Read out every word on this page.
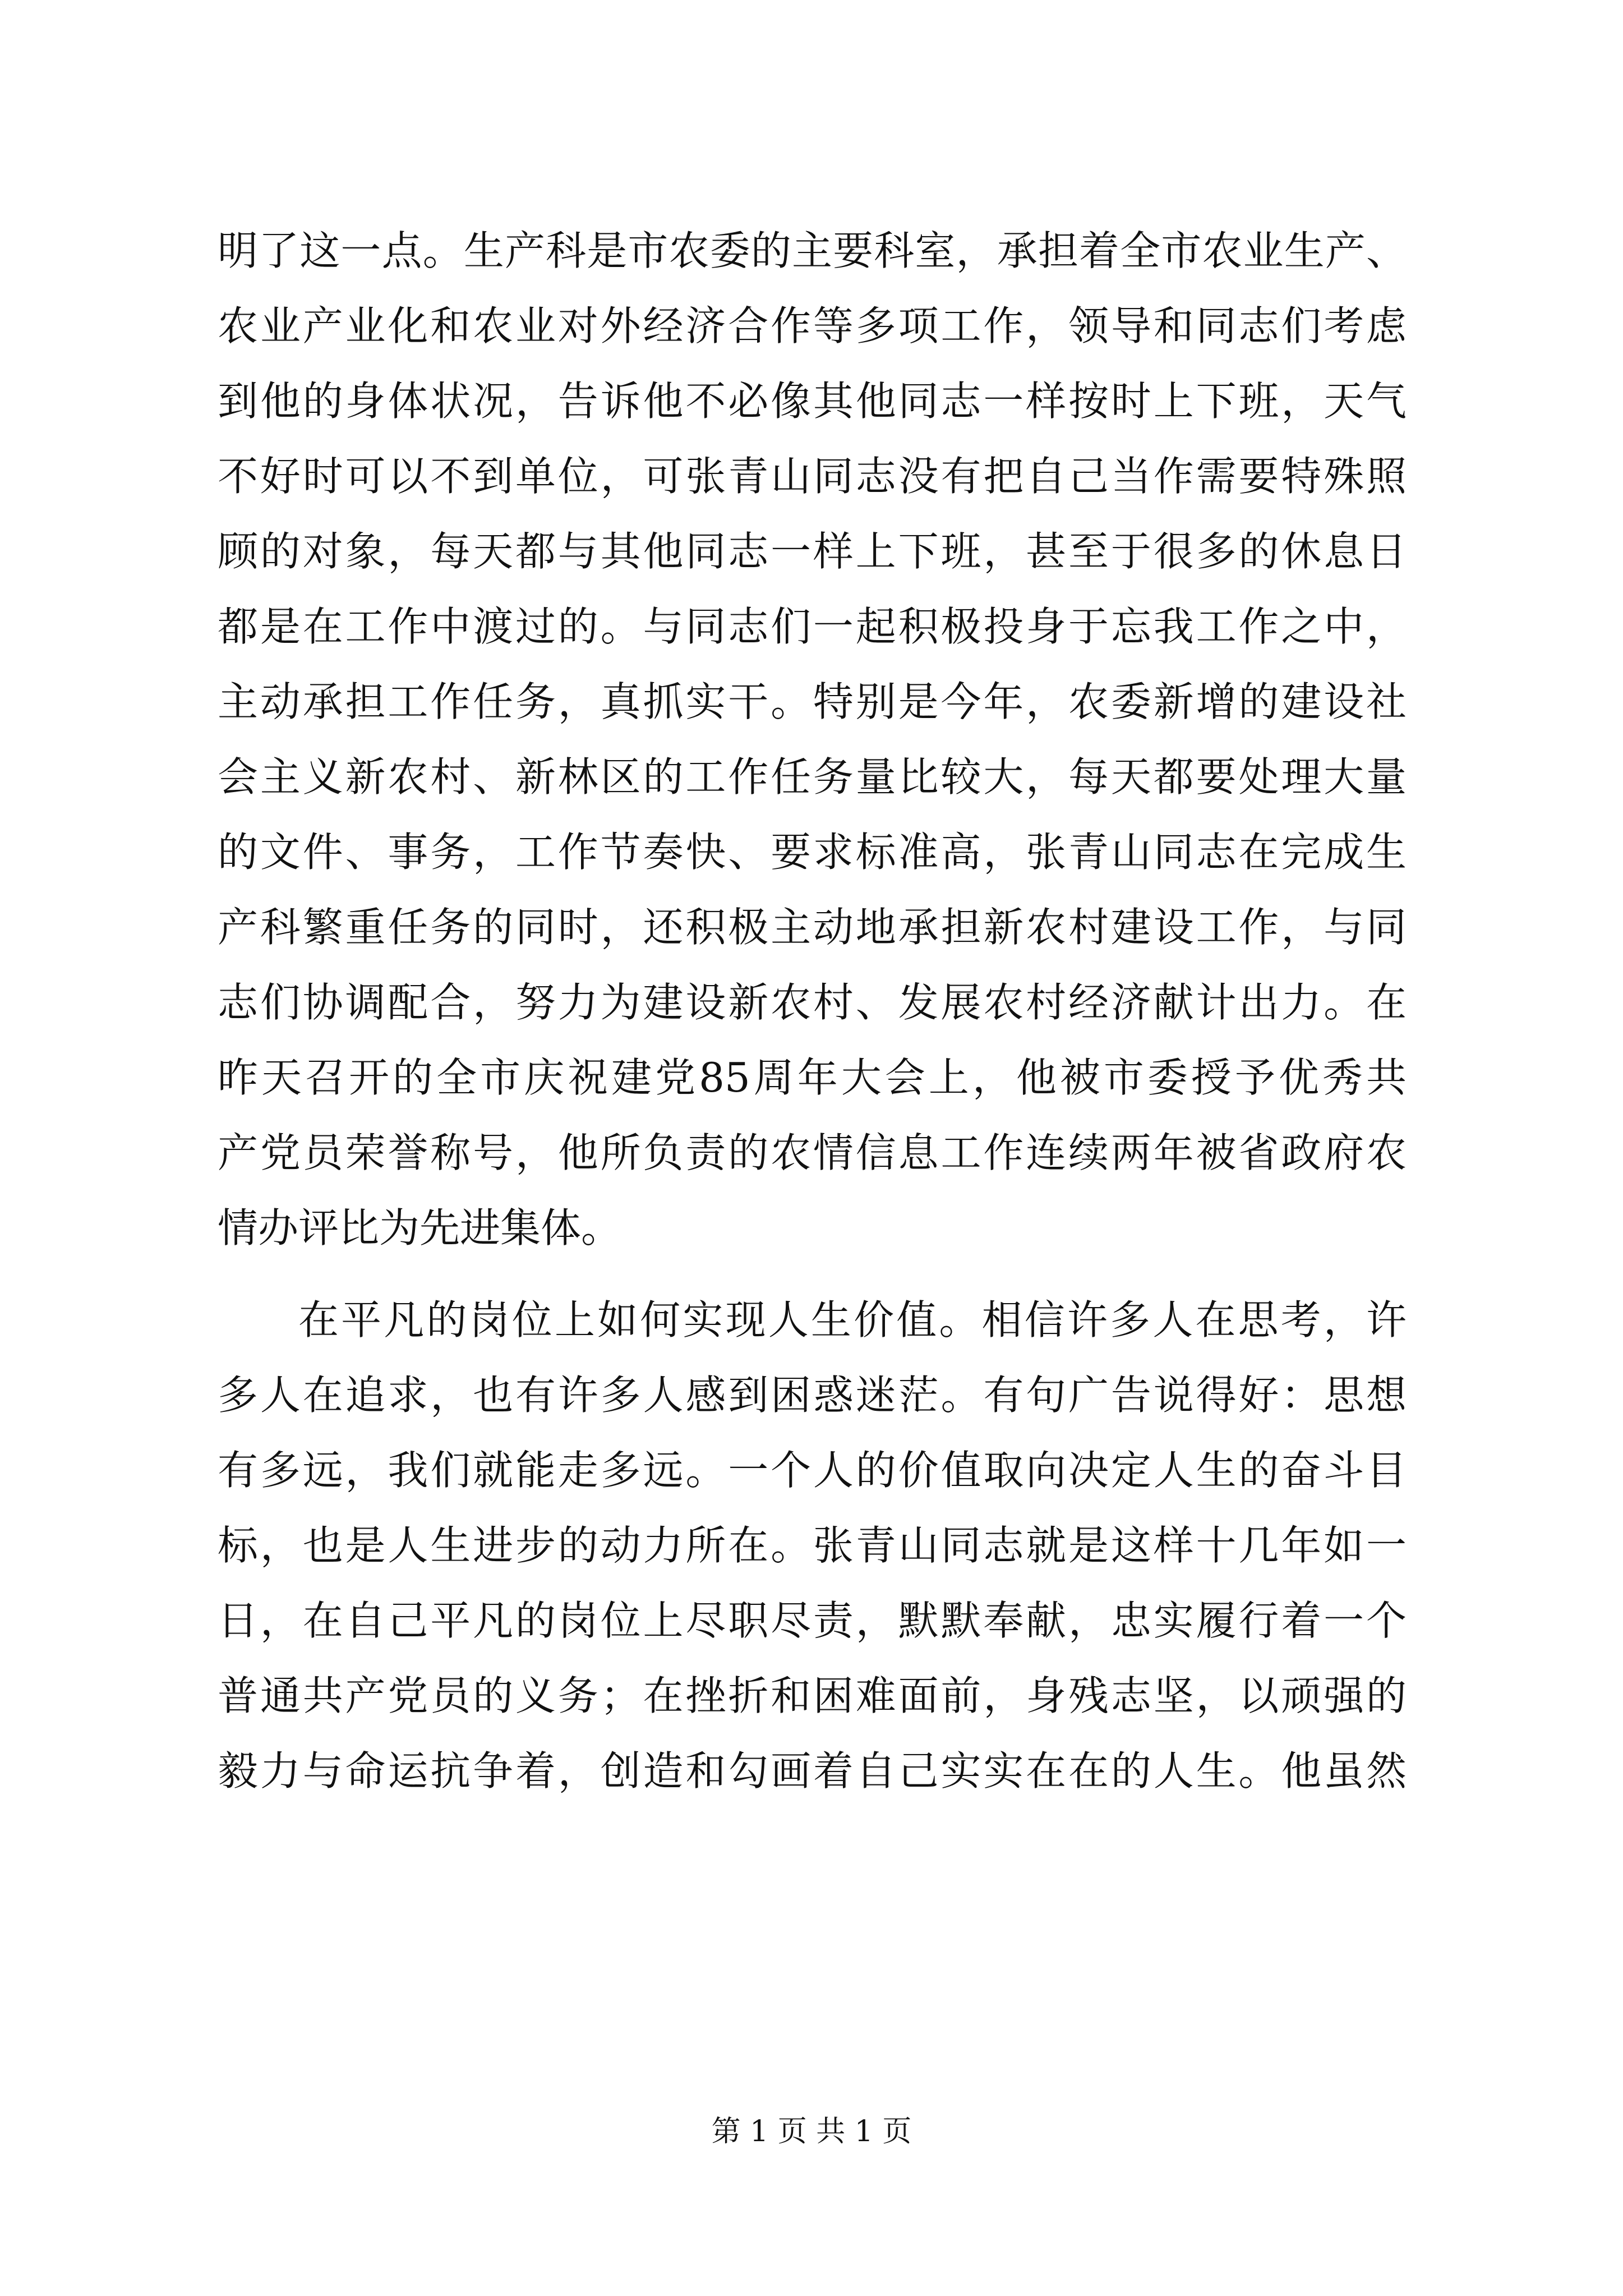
明了这一点。生产科是市农委的主要科室，承担着全市农业生产、
农业产业化和农业对外经济合作等多项工作，领导和同志们考虑
到他的身体状况，告诉他不必像其他同志一样按时上下班，天气
不好时可以不到单位，可张青山同志没有把自己当作需要特殊照
顾的对象，每天都与其他同志一样上下班，甚至于很多的休息日
都是在工作中渡过的。与同志们一起积极投身于忘我工作之中，
主动承担工作任务，真抓实干。特别是今年，农委新增的建设社
会主义新农村、新林区的工作任务量比较大，每天都要处理大量
的文件、事务，工作节奏快、要求标准高，张青山同志在完成生
产科繁重任务的同时，还积极主动地承担新农村建设工作，与同
志们协调配合，努力为建设新农村、发展农村经济献计出力。在
昨天召开的全市庆祝建党85周年大会上，他被市委授予优秀共
产党员荣誉称号，他所负责的农情信息工作连续两年被省政府农
情办评比为先进集体。
在平凡的岗位上如何实现人生价值。相信许多人在思考，许
多人在追求，也有许多人感到困惑迷茫。有句广告说得好：思想
有多远，我们就能走多远。一个人的价值取向决定人生的奋斗目
标，也是人生进步的动力所在。张青山同志就是这样十几年如一
日，在自己平凡的岗位上尽职尽责，默默奉献，忠实履行着一个
普通共产党员的义务；在挫折和困难面前，身残志坚，以顽强的
毅力与命运抗争着，创造和勾画着自己实实在在的人生。他虽然
第 1 页 共 1 页
